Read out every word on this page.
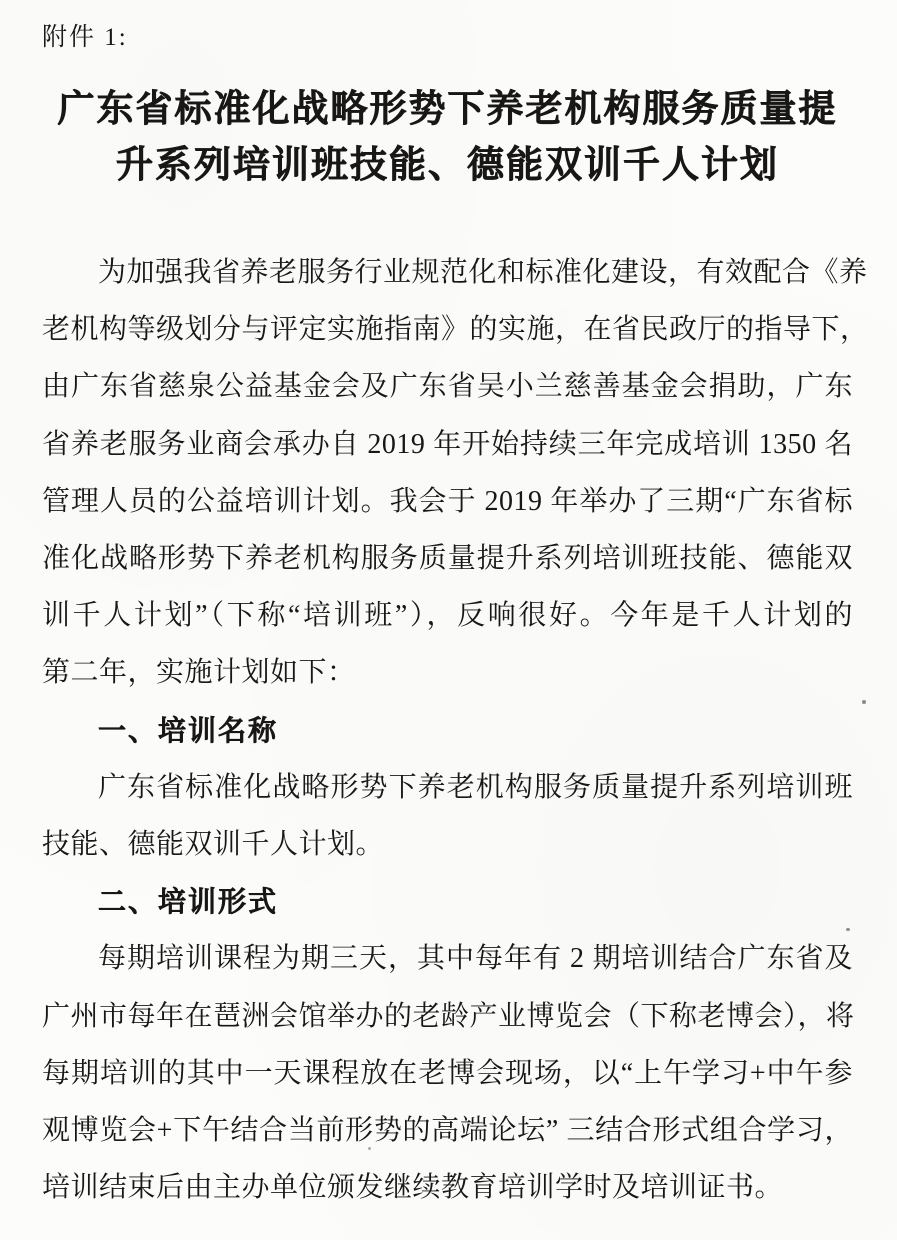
附件 1:
广东省标准化战略形势下养老机构服务质量提
升系列培训班技能、德能双训千人计划
为加强我省养老服务行业规范化和标准化建设，有效配合《养
老机构等级划分与评定实施指南》的实施，在省民政厅的指导下，
由广东省慈泉公益基金会及广东省吴小兰慈善基金会捐助，广东
省养老服务业商会承办自 2019 年开始持续三年完成培训 1350 名
管理人员的公益培训计划。我会于 2019 年举办了三期“广东省标
准化战略形势下养老机构服务质量提升系列培训班技能、德能双
训千人计划”（下称“培训班”），反响很好。今年是千人计划的
第二年，实施计划如下：
一、培训名称
广东省标准化战略形势下养老机构服务质量提升系列培训班
技能、德能双训千人计划。
二、培训形式
每期培训课程为期三天，其中每年有 2 期培训结合广东省及
广州市每年在琶洲会馆举办的老龄产业博览会（下称老博会），将
每期培训的其中一天课程放在老博会现场，以“上午学习+中午参
观博览会+下午结合当前形势的高端论坛” 三结合形式组合学习，
培训结束后由主办单位颁发继续教育培训学时及培训证书。
